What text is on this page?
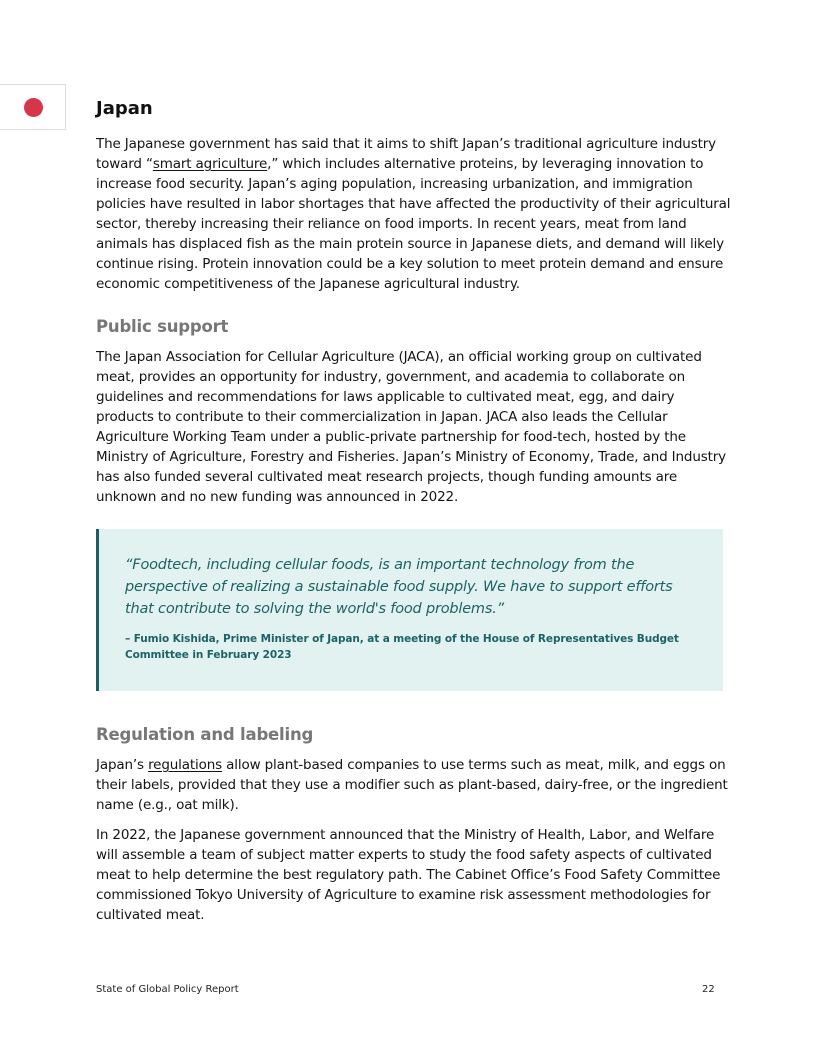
Japan

The Japanese government has said that it aims to shift Japan’s traditional agriculture industry toward “smart agriculture,” which includes alternative proteins, by leveraging innovation to increase food security. Japan’s aging population, increasing urbanization, and immigration policies have resulted in labor shortages that have affected the productivity of their agricultural sector, thereby increasing their reliance on food imports. In recent years, meat from land animals has displaced fish as the main protein source in Japanese diets, and demand will likely continue rising. Protein innovation could be a key solution to meet protein demand and ensure economic competitiveness of the Japanese agricultural industry.

Public support

The Japan Association for Cellular Agriculture (JACA), an official working group on cultivated meat, provides an opportunity for industry, government, and academia to collaborate on guidelines and recommendations for laws applicable to cultivated meat, egg, and dairy products to contribute to their commercialization in Japan. JACA also leads the Cellular Agriculture Working Team under a public-private partnership for food-tech, hosted by the Ministry of Agriculture, Forestry and Fisheries. Japan’s Ministry of Economy, Trade, and Industry has also funded several cultivated meat research projects, though funding amounts are unknown and no new funding was announced in 2022.

“Foodtech, including cellular foods, is an important technology from the perspective of realizing a sustainable food supply. We have to support efforts that contribute to solving the world's food problems.”
– Fumio Kishida, Prime Minister of Japan, at a meeting of the House of Representatives Budget Committee in February 2023
Regulation and labeling

Japan’s regulations allow plant-based companies to use terms such as meat, milk, and eggs on their labels, provided that they use a modifier such as plant-based, dairy-free, or the ingredient name (e.g., oat milk).

In 2022, the Japanese government announced that the Ministry of Health, Labor, and Welfare will assemble a team of subject matter experts to study the food safety aspects of cultivated meat to help determine the best regulatory path. The Cabinet Office’s Food Safety Committee commissioned Tokyo University of Agriculture to examine risk assessment methodologies for cultivated meat.

State of Global Policy Report	22
